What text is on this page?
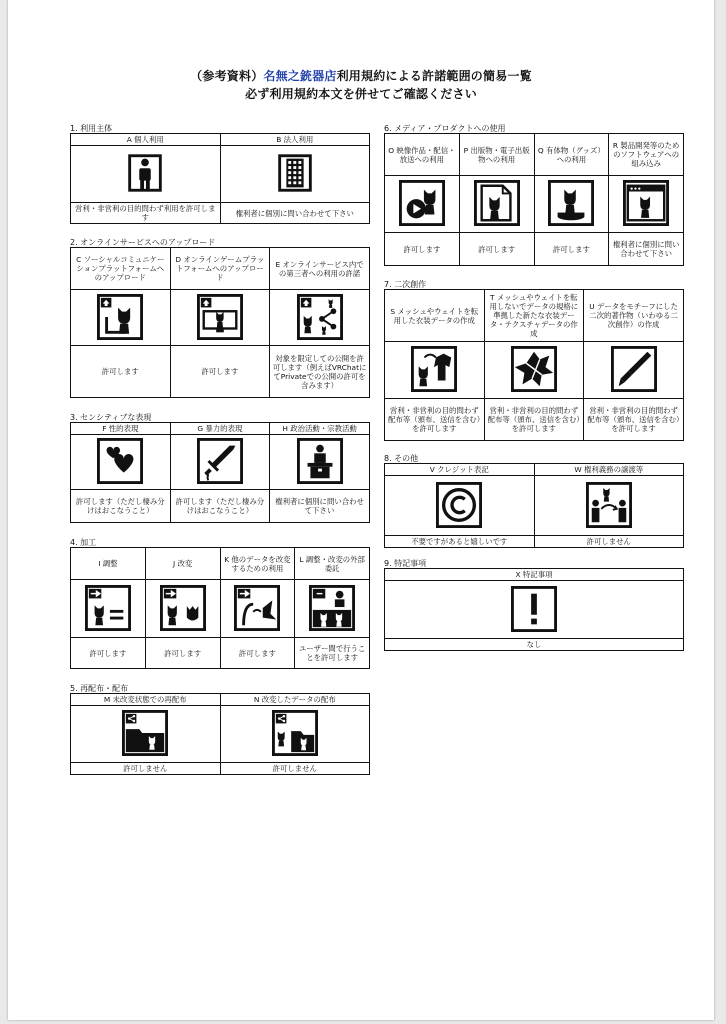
（参考資料）名無之銃器店利用規約による許諾範囲の簡易一覧
必ず利用規約本文を併せてご確認ください
1. 利用主体
A 個人利用	B 法人利用

営利・非営利の目的問わず利用を許可します	権利者に個別に問い合わせて下さい
2. オンラインサービスへのアップロード
C ソーシャルコミュニケーションプラットフォームへのアップロード	D オンラインゲームプラットフォームへのアップロード	E オンラインサービス内での第三者への利用の許諾

許可します	許可します	対象を限定しての公開を許可します（例えばVRChatにてPrivateでの公開の許可を含みます）
3. センシティブな表現
F 性的表現	G 暴力的表現	H 政治活動・宗教活動

許可します（ただし棲み分けはおこなうこと）	許可します（ただし棲み分けはおこなうこと）	権利者に個別に問い合わせて下さい
4. 加工
I 調整	J 改変	K 他のデータを改変するための利用	L 調整・改変の外部委託

許可します	許可します	許可します	ユーザー間で行うことを許可します
5. 再配布・配布
M 未改変状態での再配布	N 改変したデータの配布

許可しません	許可しません
6. メディア・プロダクトへの使用
O 映像作品・配信・放送への利用	P 出版物・電子出版物への利用	Q 有体物（グッズ）への利用	R 製品開発等のためのソフトウェアへの組み込み

許可します	許可します	許可します	権利者に個別に問い合わせて下さい
7. 二次創作
S メッシュやウェイトを転用した衣装データの作成	T メッシュやウェイトを転用しないでデータの規格に準拠した新たな衣装データ・テクスチャデータの作成	U データをモチーフにした二次的著作物（いわゆる二次創作）の作成

営利・非営利の目的問わず配布等（頒布、送信を含む）を許可します	営利・非営利の目的問わず配布等（頒布、送信を含む）を許可します	営利・非営利の目的問わず配布等（頒布、送信を含む）を許可します
8. その他
V クレジット表記	W 権利義務の譲渡等

不要ですがあると嬉しいです	許可しません
9. 特記事項
X 特記事項

なし
